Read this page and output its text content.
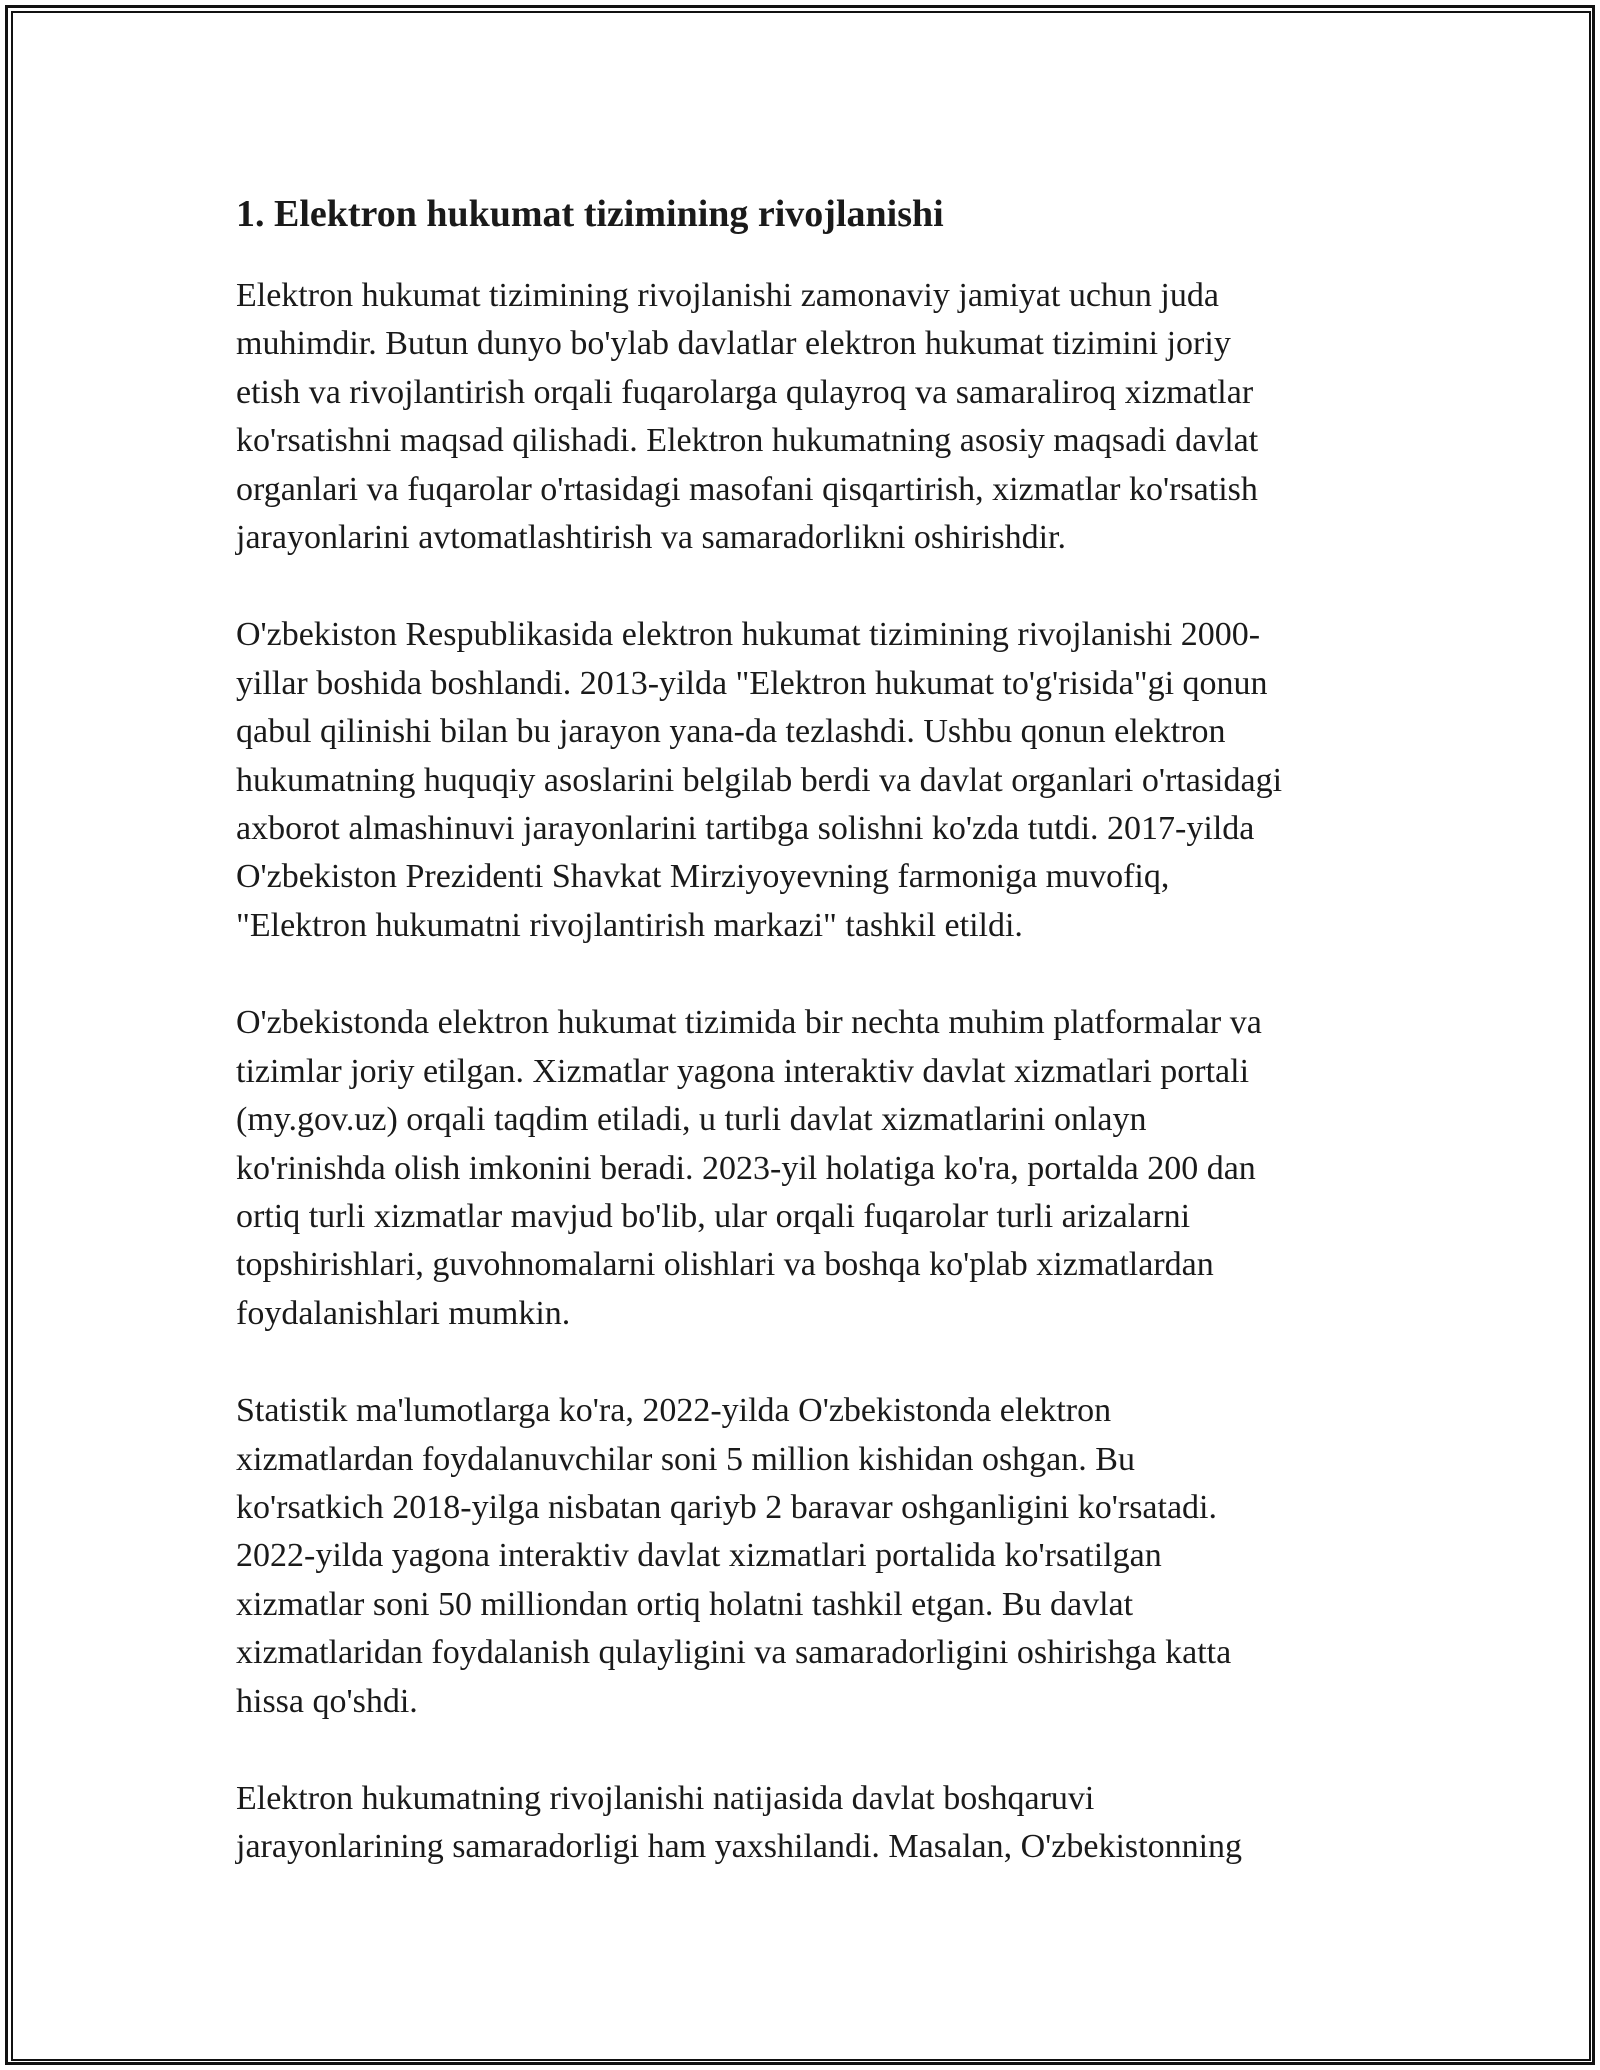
1. Elektron hukumat tizimining rivojlanishi

Elektron hukumat tizimining rivojlanishi zamonaviy jamiyat uchun juda
muhimdir. Butun dunyo bo'ylab davlatlar elektron hukumat tizimini joriy
etish va rivojlantirish orqali fuqarolarga qulayroq va samaraliroq xizmatlar
ko'rsatishni maqsad qilishadi. Elektron hukumatning asosiy maqsadi davlat
organlari va fuqarolar o'rtasidagi masofani qisqartirish, xizmatlar ko'rsatish
jarayonlarini avtomatlashtirish va samaradorlikni oshirishdir.

O'zbekiston Respublikasida elektron hukumat tizimining rivojlanishi 2000-
yillar boshida boshlandi. 2013-yilda "Elektron hukumat to'g'risida"gi qonun
qabul qilinishi bilan bu jarayon yana-da tezlashdi. Ushbu qonun elektron
hukumatning huquqiy asoslarini belgilab berdi va davlat organlari o'rtasidagi
axborot almashinuvi jarayonlarini tartibga solishni ko'zda tutdi. 2017-yilda
O'zbekiston Prezidenti Shavkat Mirziyoyevning farmoniga muvofiq,
"Elektron hukumatni rivojlantirish markazi" tashkil etildi.

O'zbekistonda elektron hukumat tizimida bir nechta muhim platformalar va
tizimlar joriy etilgan. Xizmatlar yagona interaktiv davlat xizmatlari portali
(my.gov.uz) orqali taqdim etiladi, u turli davlat xizmatlarini onlayn
ko'rinishda olish imkonini beradi. 2023-yil holatiga ko'ra, portalda 200 dan
ortiq turli xizmatlar mavjud bo'lib, ular orqali fuqarolar turli arizalarni
topshirishlari, guvohnomalarni olishlari va boshqa ko'plab xizmatlardan
foydalanishlari mumkin.

Statistik ma'lumotlarga ko'ra, 2022-yilda O'zbekistonda elektron
xizmatlardan foydalanuvchilar soni 5 million kishidan oshgan. Bu
ko'rsatkich 2018-yilga nisbatan qariyb 2 baravar oshganligini ko'rsatadi.
2022-yilda yagona interaktiv davlat xizmatlari portalida ko'rsatilgan
xizmatlar soni 50 milliondan ortiq holatni tashkil etgan. Bu davlat
xizmatlaridan foydalanish qulayligini va samaradorligini oshirishga katta
hissa qo'shdi.

Elektron hukumatning rivojlanishi natijasida davlat boshqaruvi
jarayonlarining samaradorligi ham yaxshilandi. Masalan, O'zbekistonning
